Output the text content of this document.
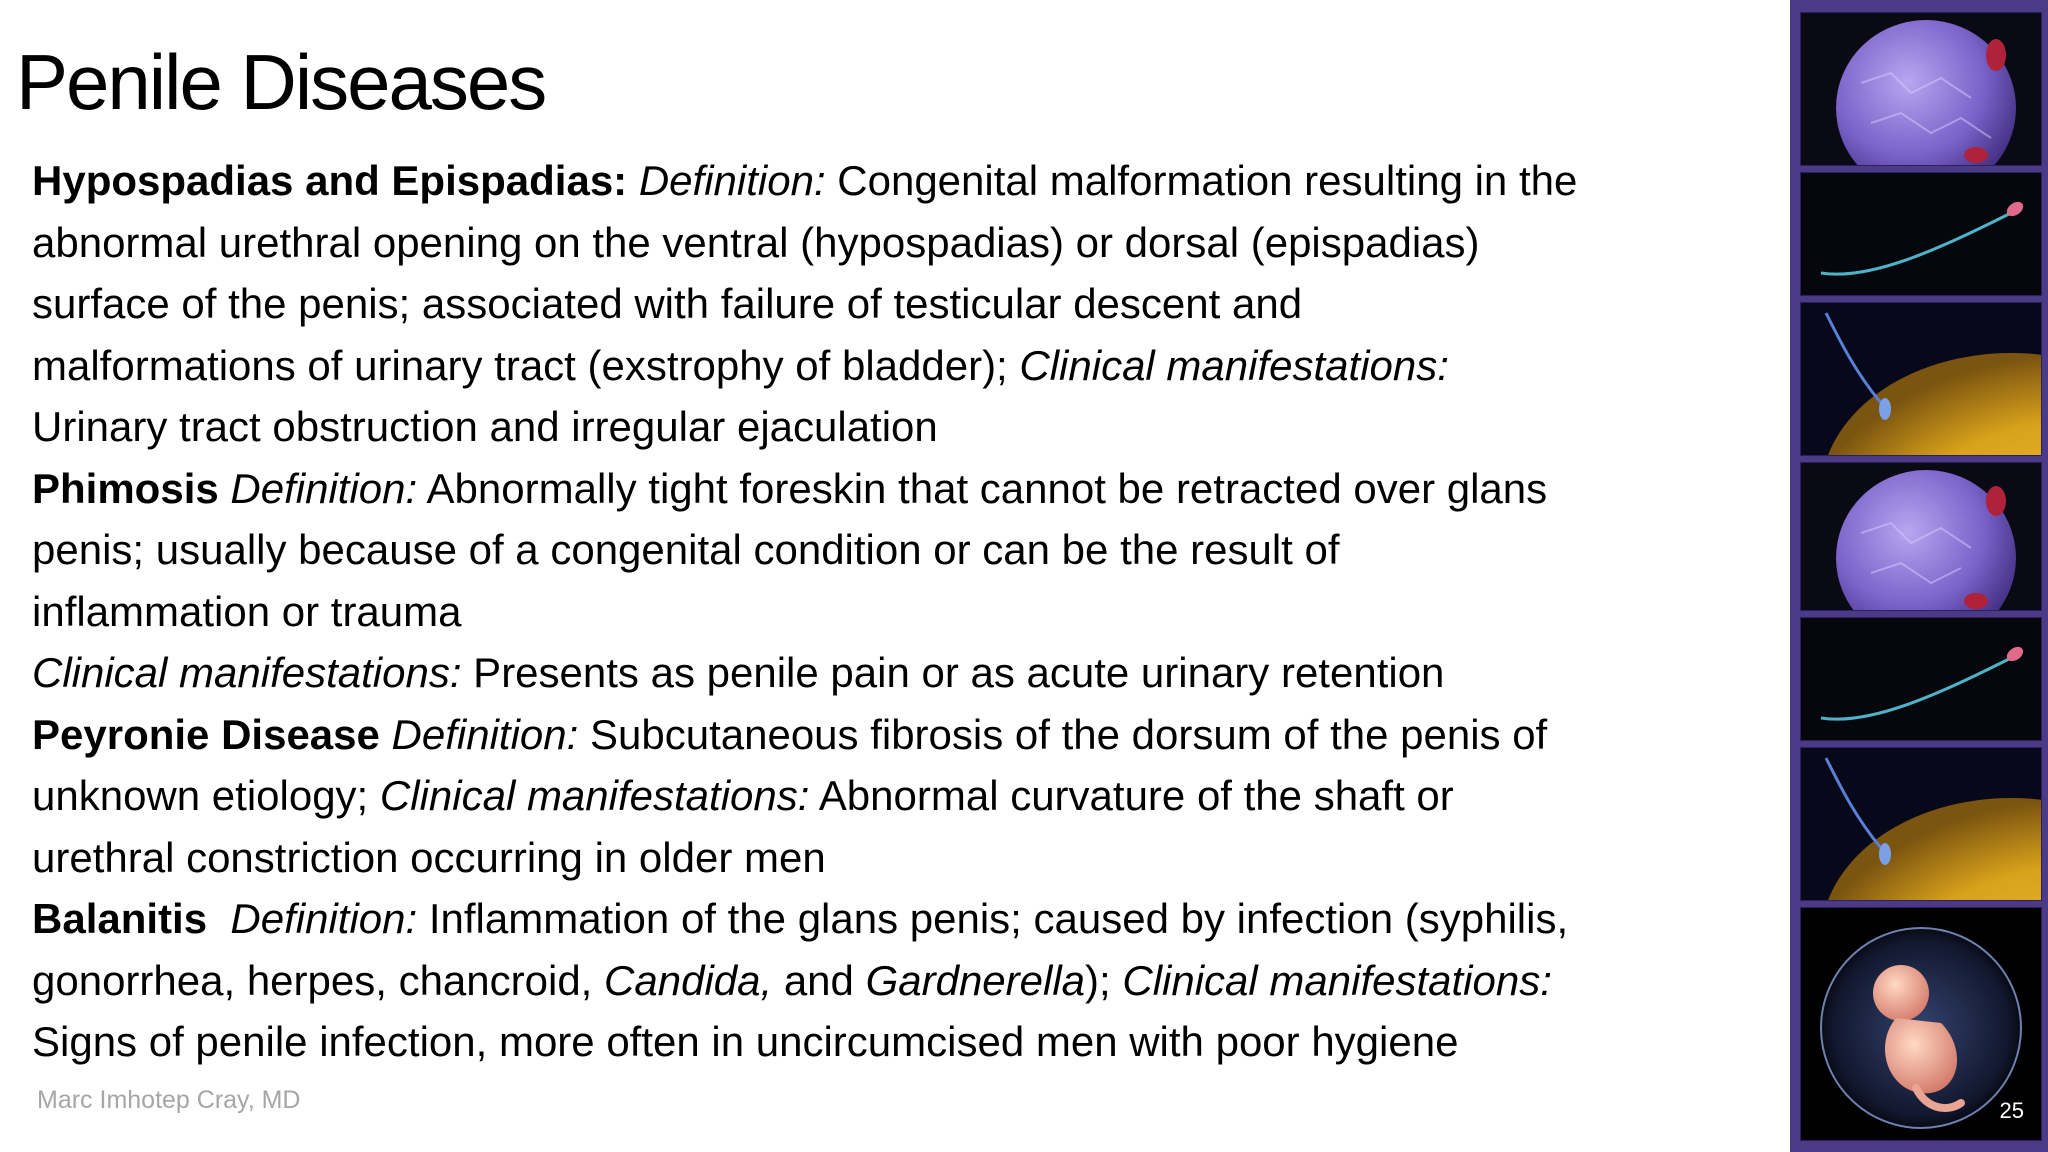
Penile Diseases
Hypospadias and Epispadias: Definition: Congenital malformation resulting in the
abnormal urethral opening on the ventral (hypospadias) or dorsal (epispadias)
surface of the penis; associated with failure of testicular descent and
malformations of urinary tract (exstrophy of bladder); Clinical manifestations:
Urinary tract obstruction and irregular ejaculation
Phimosis Definition: Abnormally tight foreskin that cannot be retracted over glans
penis; usually because of a congenital condition or can be the result of
inflammation or trauma
Clinical manifestations: Presents as penile pain or as acute urinary retention
Peyronie Disease Definition: Subcutaneous fibrosis of the dorsum of the penis of
unknown etiology; Clinical manifestations: Abnormal curvature of the shaft or
urethral constriction occurring in older men
Balanitis  Definition: Inflammation of the glans penis; caused by infection (syphilis,
gonorrhea, herpes, chancroid, Candida, and Gardnerella); Clinical manifestations:
Signs of penile infection, more often in uncircumcised men with poor hygiene
Marc Imhotep Cray, MD	25
